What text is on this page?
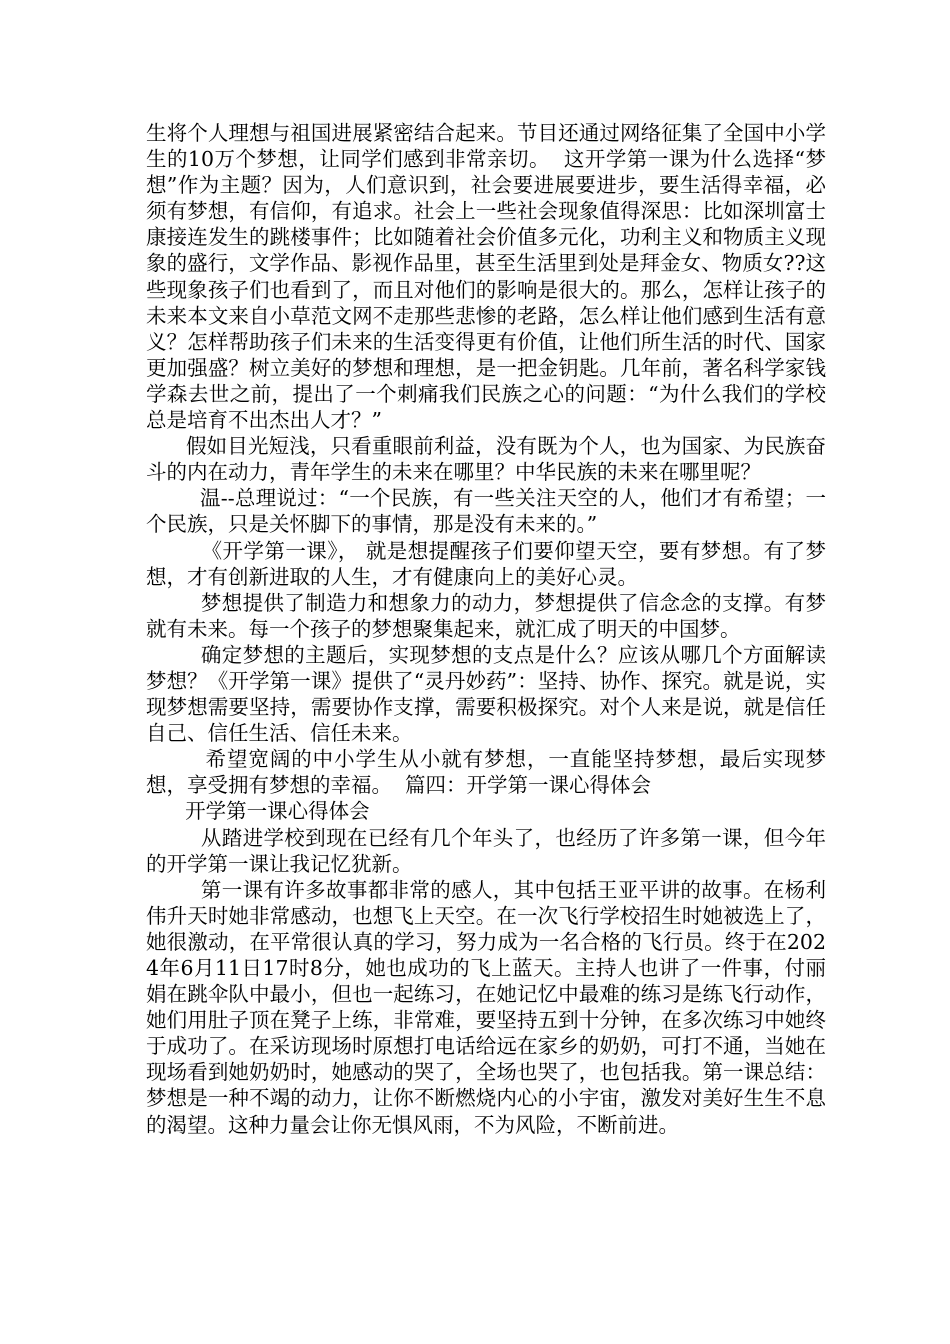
生将个人理想与祖国进展紧密结合起来。节目还通过网络征集了全国中小学生的10万个梦想，让同学们感到非常亲切。  这开学第一课为什么选择“梦想”作为主题？因为，人们意识到，社会要进展要进步，要生活得幸福，必须有梦想，有信仰，有追求。社会上一些社会现象值得深思：比如深圳富士康接连发生的跳楼事件；比如随着社会价值多元化，功利主义和物质主义现象的盛行，文学作品、影视作品里，甚至生活里到处是拜金女、物质女??这些现象孩子们也看到了，而且对他们的影响是很大的。那么，怎样让孩子的未来本文来自小草范文网不走那些悲惨的老路，怎么样让他们感到生活有意义？怎样帮助孩子们未来的生活变得更有价值，让他们所生活的时代、国家更加强盛？树立美好的梦想和理想，是一把金钥匙。几年前，著名科学家钱学森去世之前，提出了一个刺痛我们民族之心的问题：“为什么我们的学校总是培育不出杰出人才？”

假如目光短浅，只看重眼前利益，没有既为个人，也为国家、为民族奋斗的内在动力，青年学生的未来在哪里？中华民族的未来在哪里呢？

温--总理说过：“一个民族，有一些关注天空的人，他们才有希望；一个民族，只是关怀脚下的事情，那是没有未来的。”

《开学第一课》， 就是想提醒孩子们要仰望天空，要有梦想。有了梦想，才有创新进取的人生，才有健康向上的美好心灵。

梦想提供了制造力和想象力的动力，梦想提供了信念念的支撑。有梦就有未来。每一个孩子的梦想聚集起来，就汇成了明天的中国梦。

确定梦想的主题后，实现梦想的支点是什么？应该从哪几个方面解读梦想？《开学第一课》提供了“灵丹妙药”：坚持、协作、探究。就是说，实现梦想需要坚持，需要协作支撑，需要积极探究。对个人来是说，就是信任自己、信任生活、信任未来。

希望宽阔的中小学生从小就有梦想，一直能坚持梦想，最后实现梦想，享受拥有梦想的幸福。  篇四：开学第一课心得体会

开学第一课心得体会

从踏进学校到现在已经有几个年头了，也经历了许多第一课，但今年的开学第一课让我记忆犹新。

第一课有许多故事都非常的感人，其中包括王亚平讲的故事。在杨利伟升天时她非常感动，也想飞上天空。在一次飞行学校招生时她被选上了，她很激动，在平常很认真的学习，努力成为一名合格的飞行员。终于在2024年6月11日17时8分，她也成功的飞上蓝天。主持人也讲了一件事，付丽娟在跳伞队中最小，但也一起练习，在她记忆中最难的练习是练飞行动作，她们用肚子顶在凳子上练，非常难，要坚持五到十分钟，在多次练习中她终于成功了。在采访现场时原想打电话给远在家乡的奶奶，可打不通，当她在现场看到她奶奶时，她感动的哭了，全场也哭了，也包括我。第一课总结：梦想是一种不竭的动力，让你不断燃烧内心的小宇宙，激发对美好生生不息的渴望。这种力量会让你无惧风雨，不为风险，不断前进。
